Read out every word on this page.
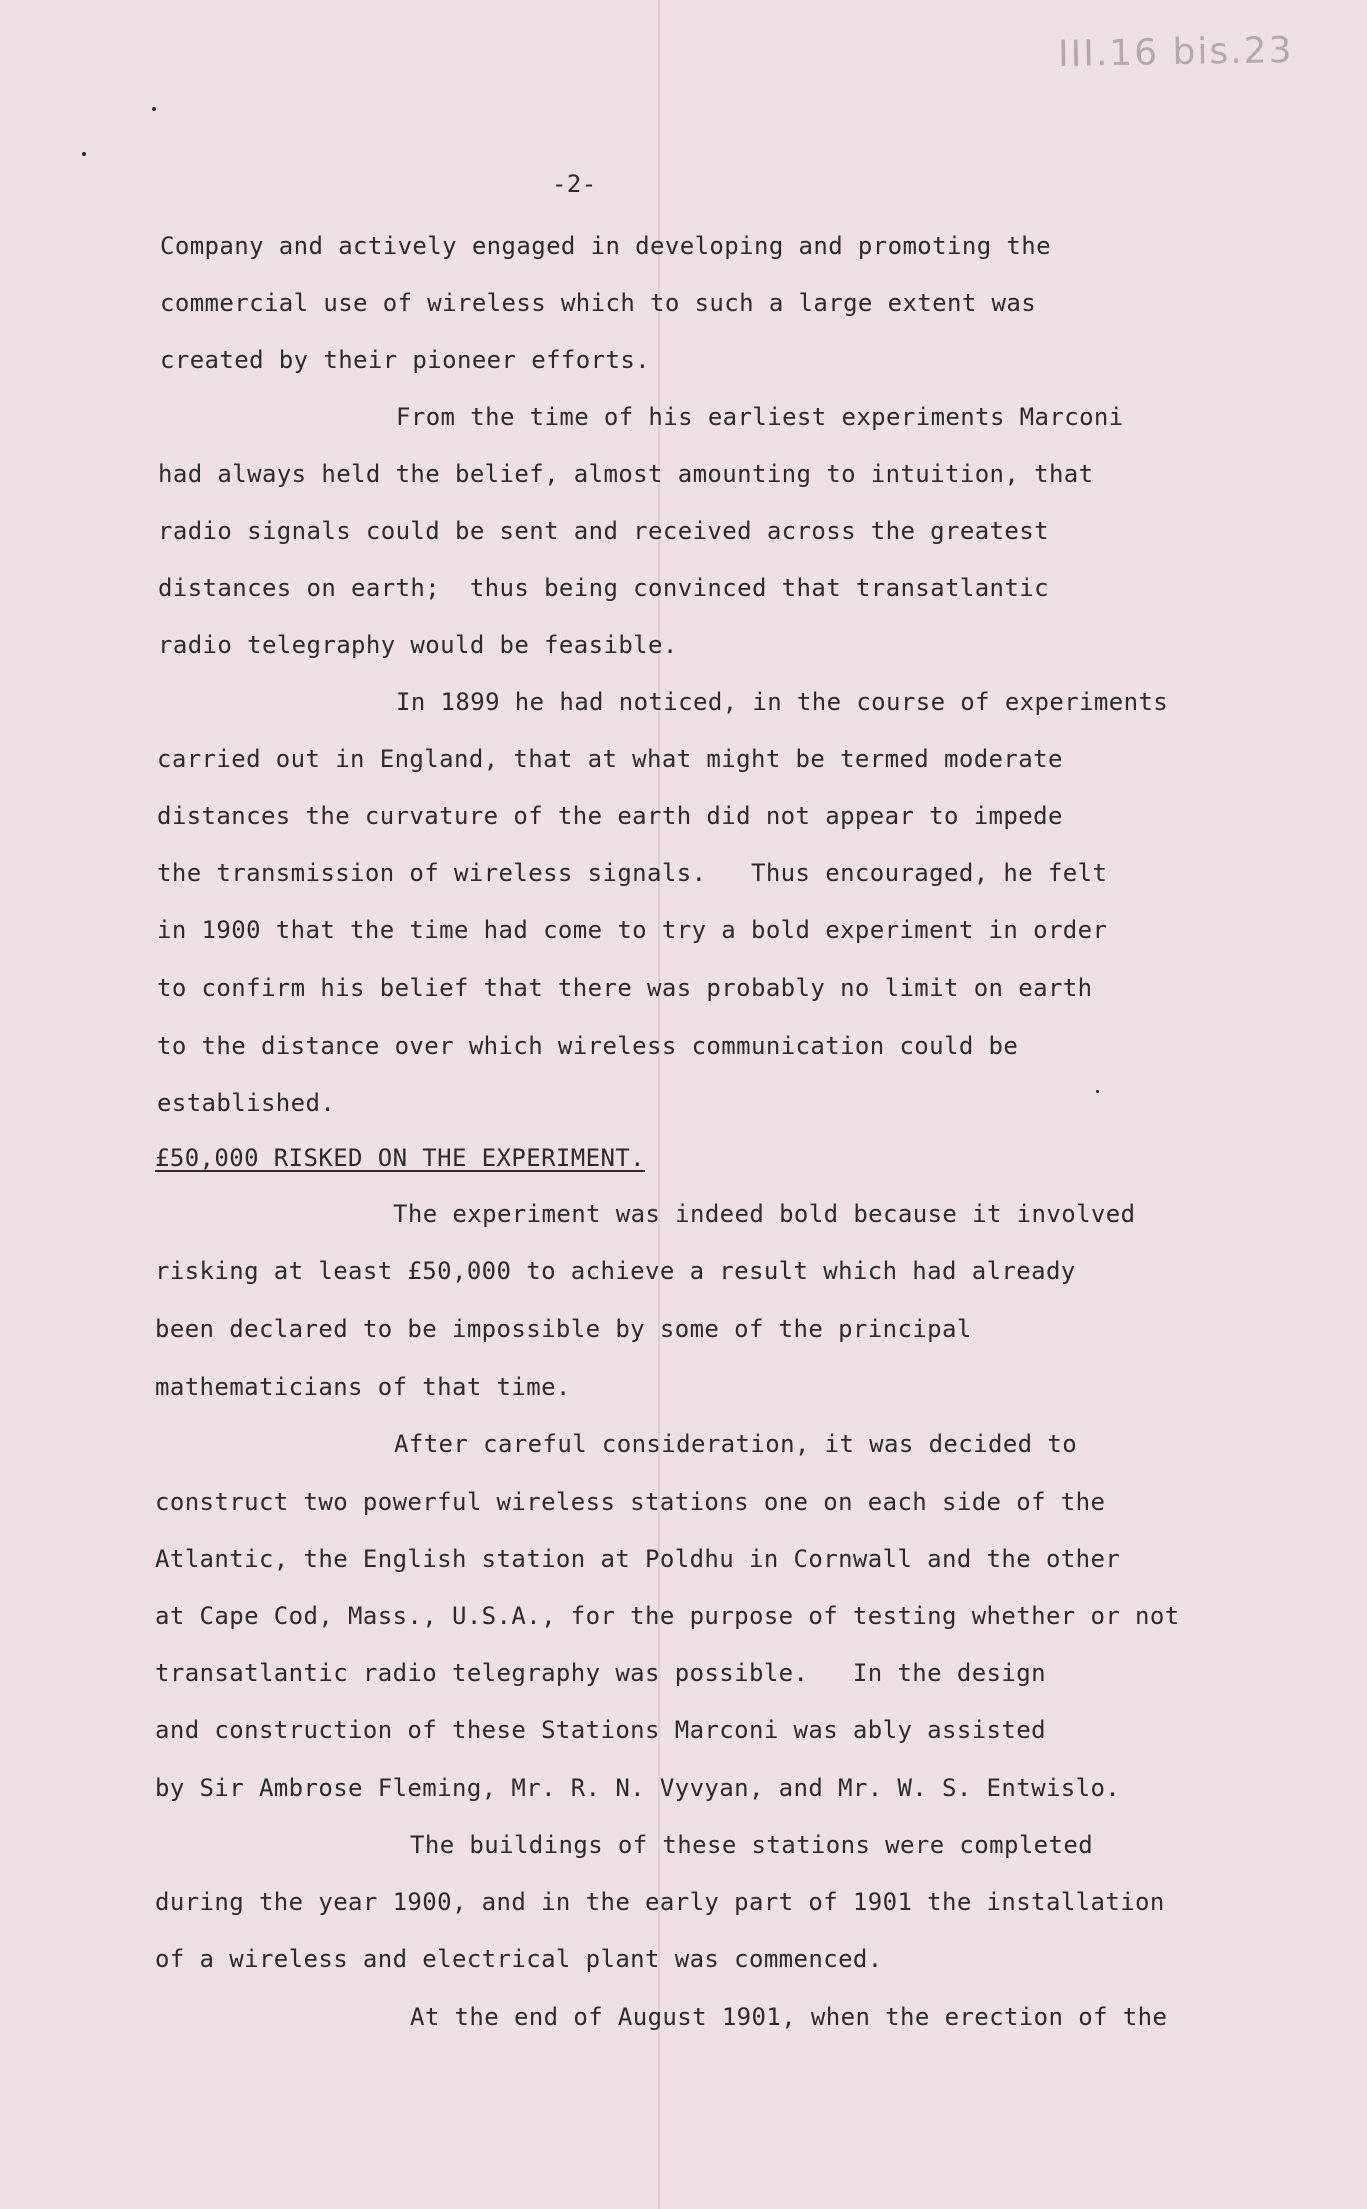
III.16 bis.23

-2-

Company and actively engaged in developing and promoting the

commercial use of wireless which to such a large extent was

created by their pioneer efforts.

From the time of his earliest experiments Marconi

had always held the belief, almost amounting to intuition, that

radio signals could be sent and received across the greatest

distances on earth;  thus being convinced that transatlantic

radio telegraphy would be feasible.

In 1899 he had noticed, in the course of experiments

carried out in England, that at what might be termed moderate

distances the curvature of the earth did not appear to impede

the transmission of wireless signals.   Thus encouraged, he felt

in 1900 that the time had come to try a bold experiment in order

to confirm his belief that there was probably no limit on earth

to the distance over which wireless communication could be

established.

£50,000 RISKED ON THE EXPERIMENT.

The experiment was indeed bold because it involved

risking at least £50,000 to achieve a result which had already

been declared to be impossible by some of the principal

mathematicians of that time.

After careful consideration, it was decided to

construct two powerful wireless stations one on each side of the

Atlantic, the English station at Poldhu in Cornwall and the other

at Cape Cod, Mass., U.S.A., for the purpose of testing whether or not

transatlantic radio telegraphy was possible.   In the design

and construction of these Stations Marconi was ably assisted

by Sir Ambrose Fleming, Mr. R. N. Vyvyan, and Mr. W. S. Entwislo.

The buildings of these stations were completed

during the year 1900, and in the early part of 1901 the installation

of a wireless and electrical plant was commenced.

At the end of August 1901, when the erection of the
